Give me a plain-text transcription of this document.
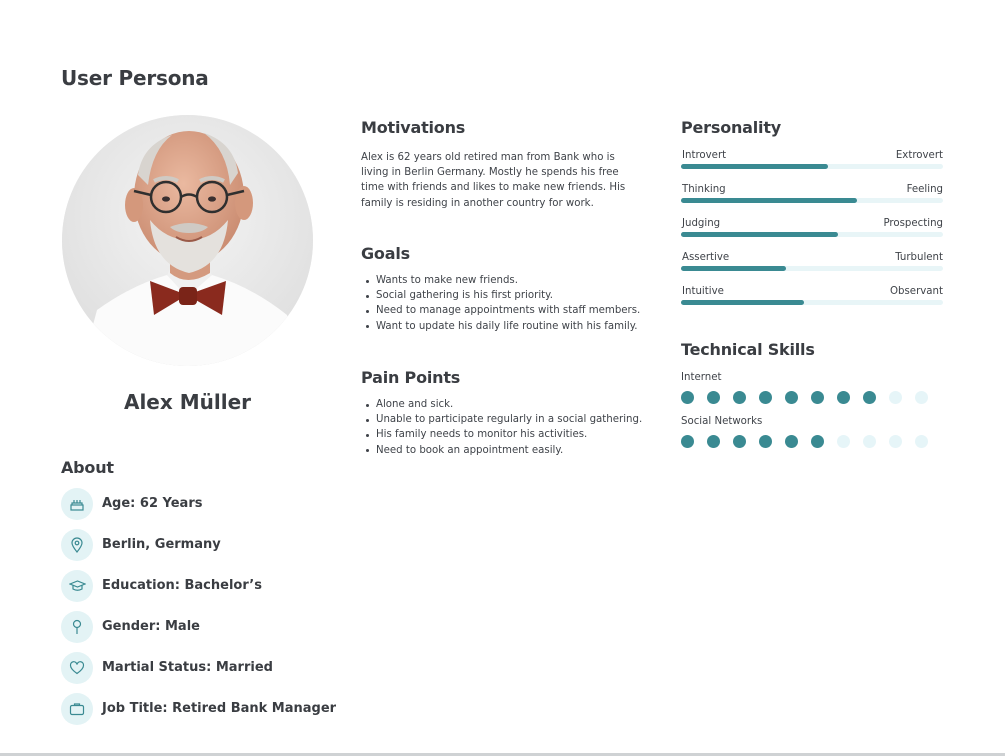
User Persona
Alex Müller
About
Age: 62 Years
Berlin, Germany
Education: Bachelor’s
Gender: Male
Martial Status: Married
Job Title: Retired Bank Manager
Motivations
Alex is 62 years old retired man from Bank who is
living in Berlin Germany. Mostly he spends his free
time with friends and likes to make new friends. His
family is residing in another country for work.
Goals
Wants to make new friends.
Social gathering is his first priority.
Need to manage appointments with staff members.
Want to update his daily life routine with his family.
Pain Points
Alone and sick.
Unable to participate regularly in a social gathering.
His family needs to monitor his activities.
Need to book an appointment easily.
Personality
Introvert	Extrovert
Thinking	Feeling
Judging	Prospecting
Assertive	Turbulent
Intuitive	Observant
Technical Skills
Internet
Social Networks
